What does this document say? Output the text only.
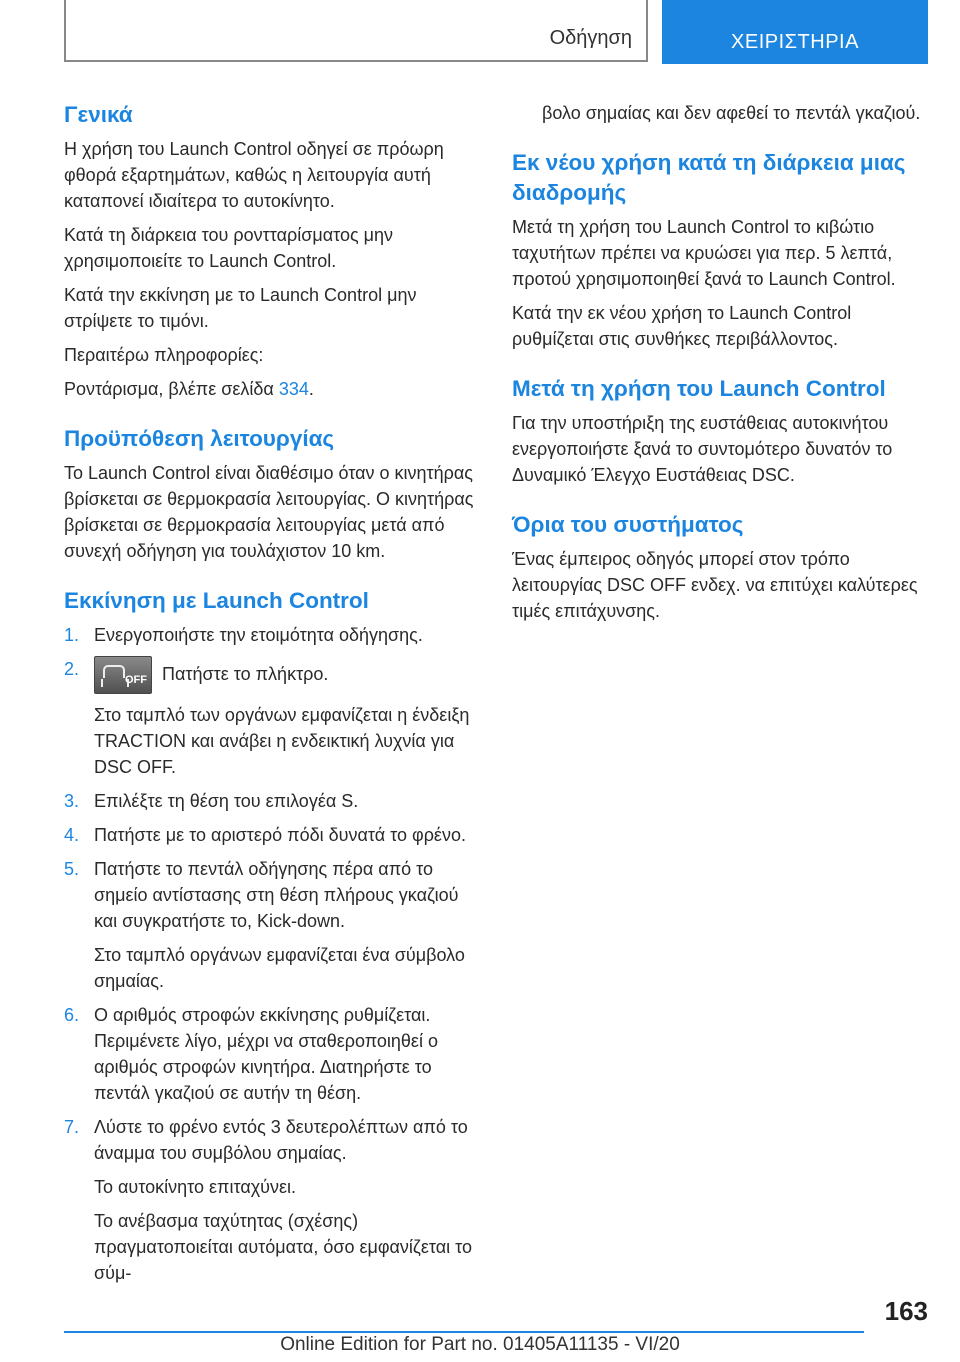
Οδήγηση	ΧΕΙΡΙΣΤΗΡΙΑ
Γενικά

Η χρήση του Launch Control οδηγεί σε πρόωρη φθορά εξαρτημάτων, καθώς η λειτουργία αυτή καταπονεί ιδιαίτερα το αυτοκίνητο.

Κατά τη διάρκεια του ροντταρίσματος μην χρησιμοποιείτε το Launch Control.

Κατά την εκκίνηση με το Launch Control μην στρίψετε το τιμόνι.

Περαιτέρω πληροφορίες:

Ροντάρισμα, βλέπε σελίδα 334.

Προϋπόθεση λειτουργίας

Το Launch Control είναι διαθέσιμο όταν ο κινητήρας βρίσκεται σε θερμοκρασία λειτουργίας. Ο κινητήρας βρίσκεται σε θερμοκρασία λειτουργίας μετά από συνεχή οδήγηση για τουλάχιστον 10 km.

Εκκίνηση με Launch Control
1. Ενεργοποιήστε την ετοιμότητα οδήγησης.

2.

OFF Πατήστε το πλήκτρο.

Στο ταμπλό των οργάνων εμφανίζεται η ένδειξη TRACTION και ανάβει η ενδεικτική λυχνία για DSC OFF.

3. Επιλέξτε τη θέση του επιλογέα S.

4. Πατήστε με το αριστερό πόδι δυνατά το φρένο.

5. Πατήστε το πεντάλ οδήγησης πέρα από το σημείο αντίστασης στη θέση πλήρους γκαζιού και συγκρατήστε το, Kick-down.

Στο ταμπλό οργάνων εμφανίζεται ένα σύμβολο σημαίας.

6. Ο αριθμός στροφών εκκίνησης ρυθμίζεται. Περιμένετε λίγο, μέχρι να σταθεροποιηθεί ο αριθμός στροφών κινητήρα. Διατηρήστε το πεντάλ γκαζιού σε αυτήν τη θέση.

7. Λύστε το φρένο εντός 3 δευτερολέπτων από το άναμμα του συμβόλου σημαίας.

Το αυτοκίνητο επιταχύνει.

Το ανέβασμα ταχύτητας (σχέσης) πραγματοποιείται αυτόματα, όσο εμφανίζεται το σύμ-

βολο σημαίας και δεν αφεθεί το πεντάλ γκαζιού.

Εκ νέου χρήση κατά τη διάρκεια μιας διαδρομής

Μετά τη χρήση του Launch Control το κιβώτιο ταχυτήτων πρέπει να κρυώσει για περ. 5 λεπτά, προτού χρησιμοποιηθεί ξανά το Launch Control.

Κατά την εκ νέου χρήση το Launch Control ρυθμίζεται στις συνθήκες περιβάλλοντος.

Μετά τη χρήση του Launch Control

Για την υποστήριξη της ευστάθειας αυτοκινήτου ενεργοποιήστε ξανά το συντομότερο δυνατόν το Δυναμικό Έλεγχο Ευστάθειας DSC.

Όρια του συστήματος

Ένας έμπειρος οδηγός μπορεί στον τρόπο λειτουργίας DSC OFF ενδεχ. να επιτύχει καλύτερες τιμές επιτάχυνσης.

163
Online Edition for Part no. 01405A11135 - VI/20
